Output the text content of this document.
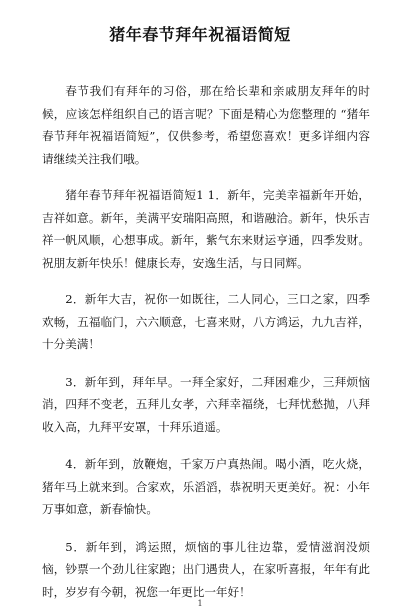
猪年春节拜年祝福语简短

春节我们有拜年的习俗，那在给长辈和亲戚朋友拜年的时候，应该怎样组织自己的语言呢？下面是精心为您整理的 “猪年春节拜年祝福语简短”，仅供参考，希望您喜欢！更多详细内容请继续关注我们哦。

猪年春节拜年祝福语简短1 1．新年，完美幸福新年开始，吉祥如意。新年，美满平安瑞阳高照，和谐融洽。新年，快乐吉祥一帆风顺，心想事成。新年，紫气东来财运亨通，四季发财。祝朋友新年快乐！健康长寿，安逸生活，与日同辉。

2．新年大吉，祝你一如既往，二人同心，三口之家，四季欢畅，五福临门，六六顺意，七喜来财，八方鸿运，九九吉祥，十分美满！

3．新年到，拜年早。一拜全家好，二拜困难少，三拜烦恼消，四拜不变老，五拜儿女孝，六拜幸福绕，七拜忧愁抛，八拜收入高，九拜平安罩，十拜乐逍遥。

4．新年到，放鞭炮，千家万户真热闹。喝小酒，吃火烧，猪年马上就来到。合家欢，乐滔滔，恭祝明天更美好。祝：小年万事如意，新春愉快。

5．新年到，鸿运照，烦恼的事儿往边靠，爱情滋润没烦恼，钞票一个劲儿往家跑；出门遇贵人，在家听喜报，年年有此时，岁岁有今朝，祝您一年更比一年好！

1
